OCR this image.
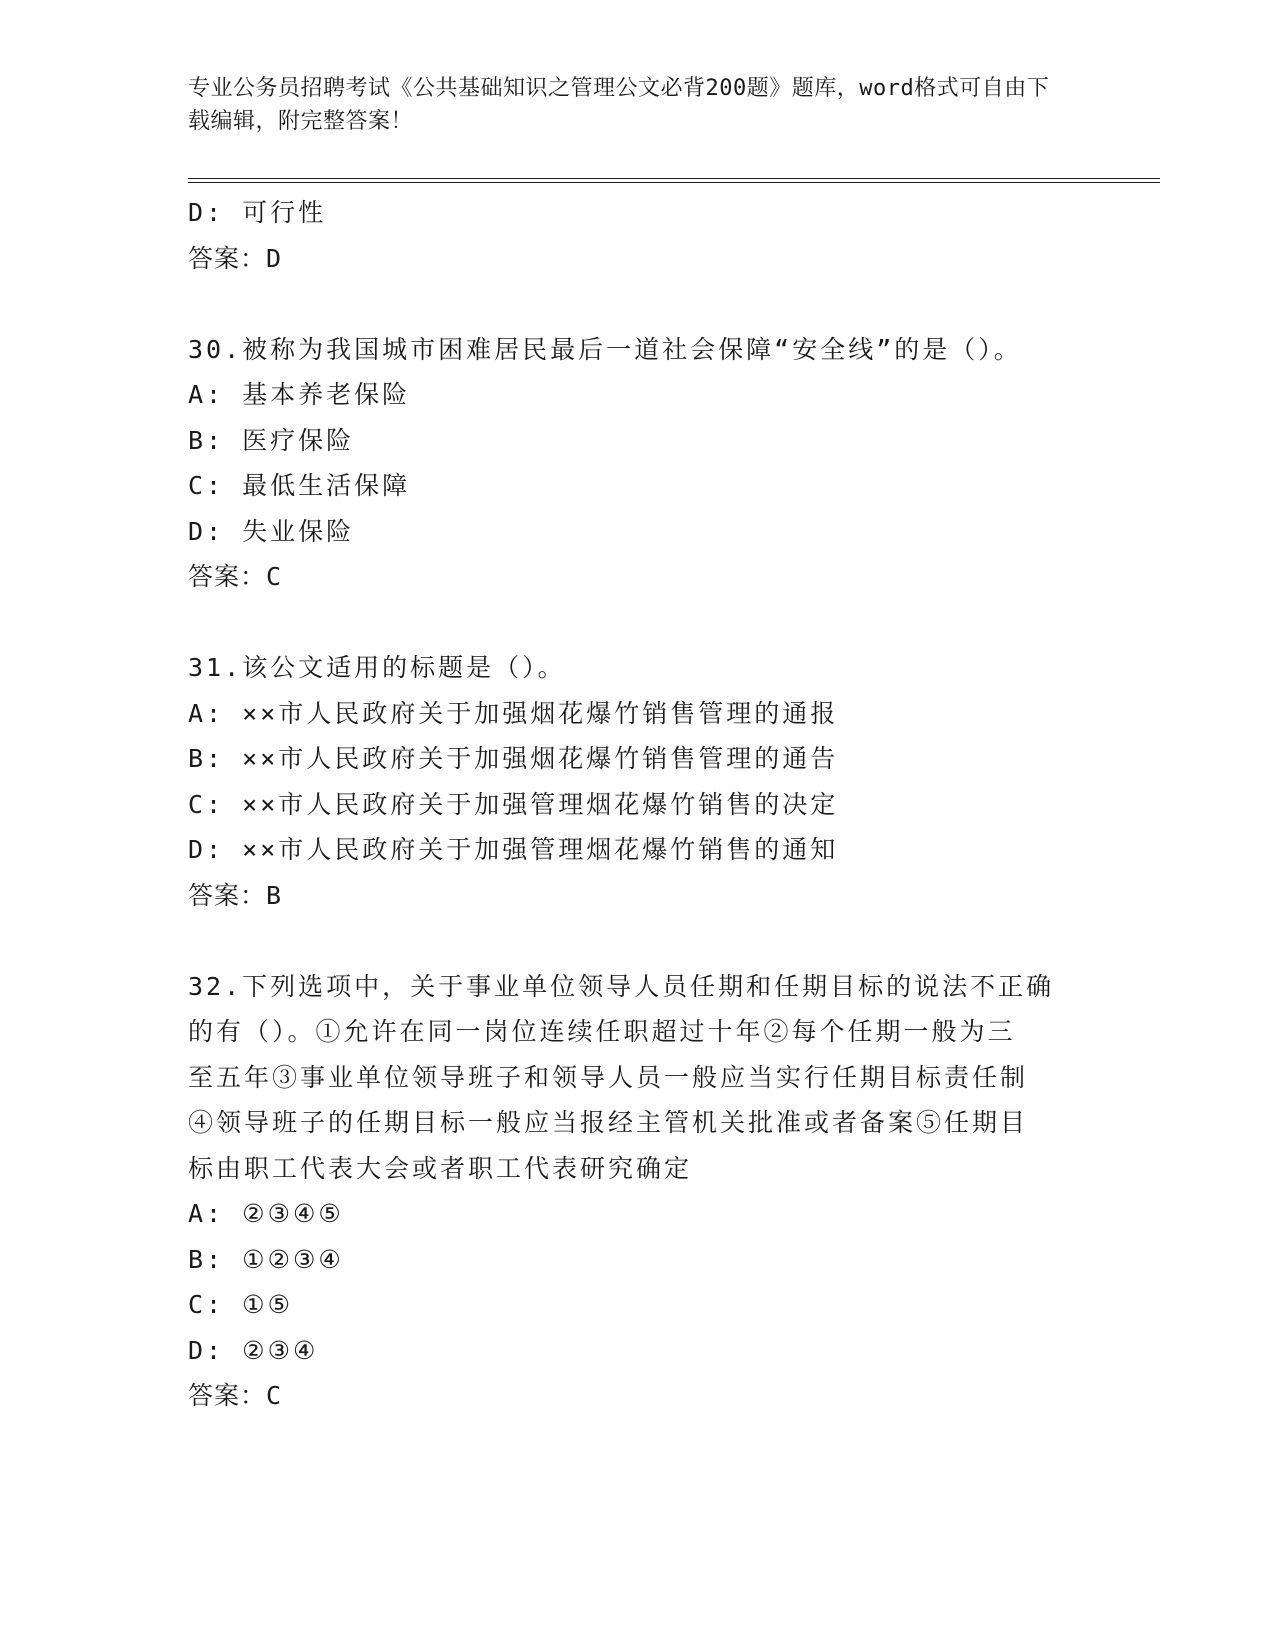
专业公务员招聘考试《公共基础知识之管理公文必背200题》题库，word格式可自由下载编辑，附完整答案！
D: 可行性
答案：D
30.被称为我国城市困难居民最后一道社会保障“安全线”的是（）。
A: 基本养老保险
B: 医疗保险
C: 最低生活保障
D: 失业保险
答案：C
31.该公文适用的标题是（）。
A: ××市人民政府关于加强烟花爆竹销售管理的通报
B: ××市人民政府关于加强烟花爆竹销售管理的通告
C: ××市人民政府关于加强管理烟花爆竹销售的决定
D: ××市人民政府关于加强管理烟花爆竹销售的通知
答案：B
32.下列选项中，关于事业单位领导人员任期和任期目标的说法不正确
的有（）。①允许在同一岗位连续任职超过十年②每个任期一般为三
至五年③事业单位领导班子和领导人员一般应当实行任期目标责任制
④领导班子的任期目标一般应当报经主管机关批准或者备案⑤任期目
标由职工代表大会或者职工代表研究确定
A: ②③④⑤
B: ①②③④
C: ①⑤
D: ②③④
答案：C
